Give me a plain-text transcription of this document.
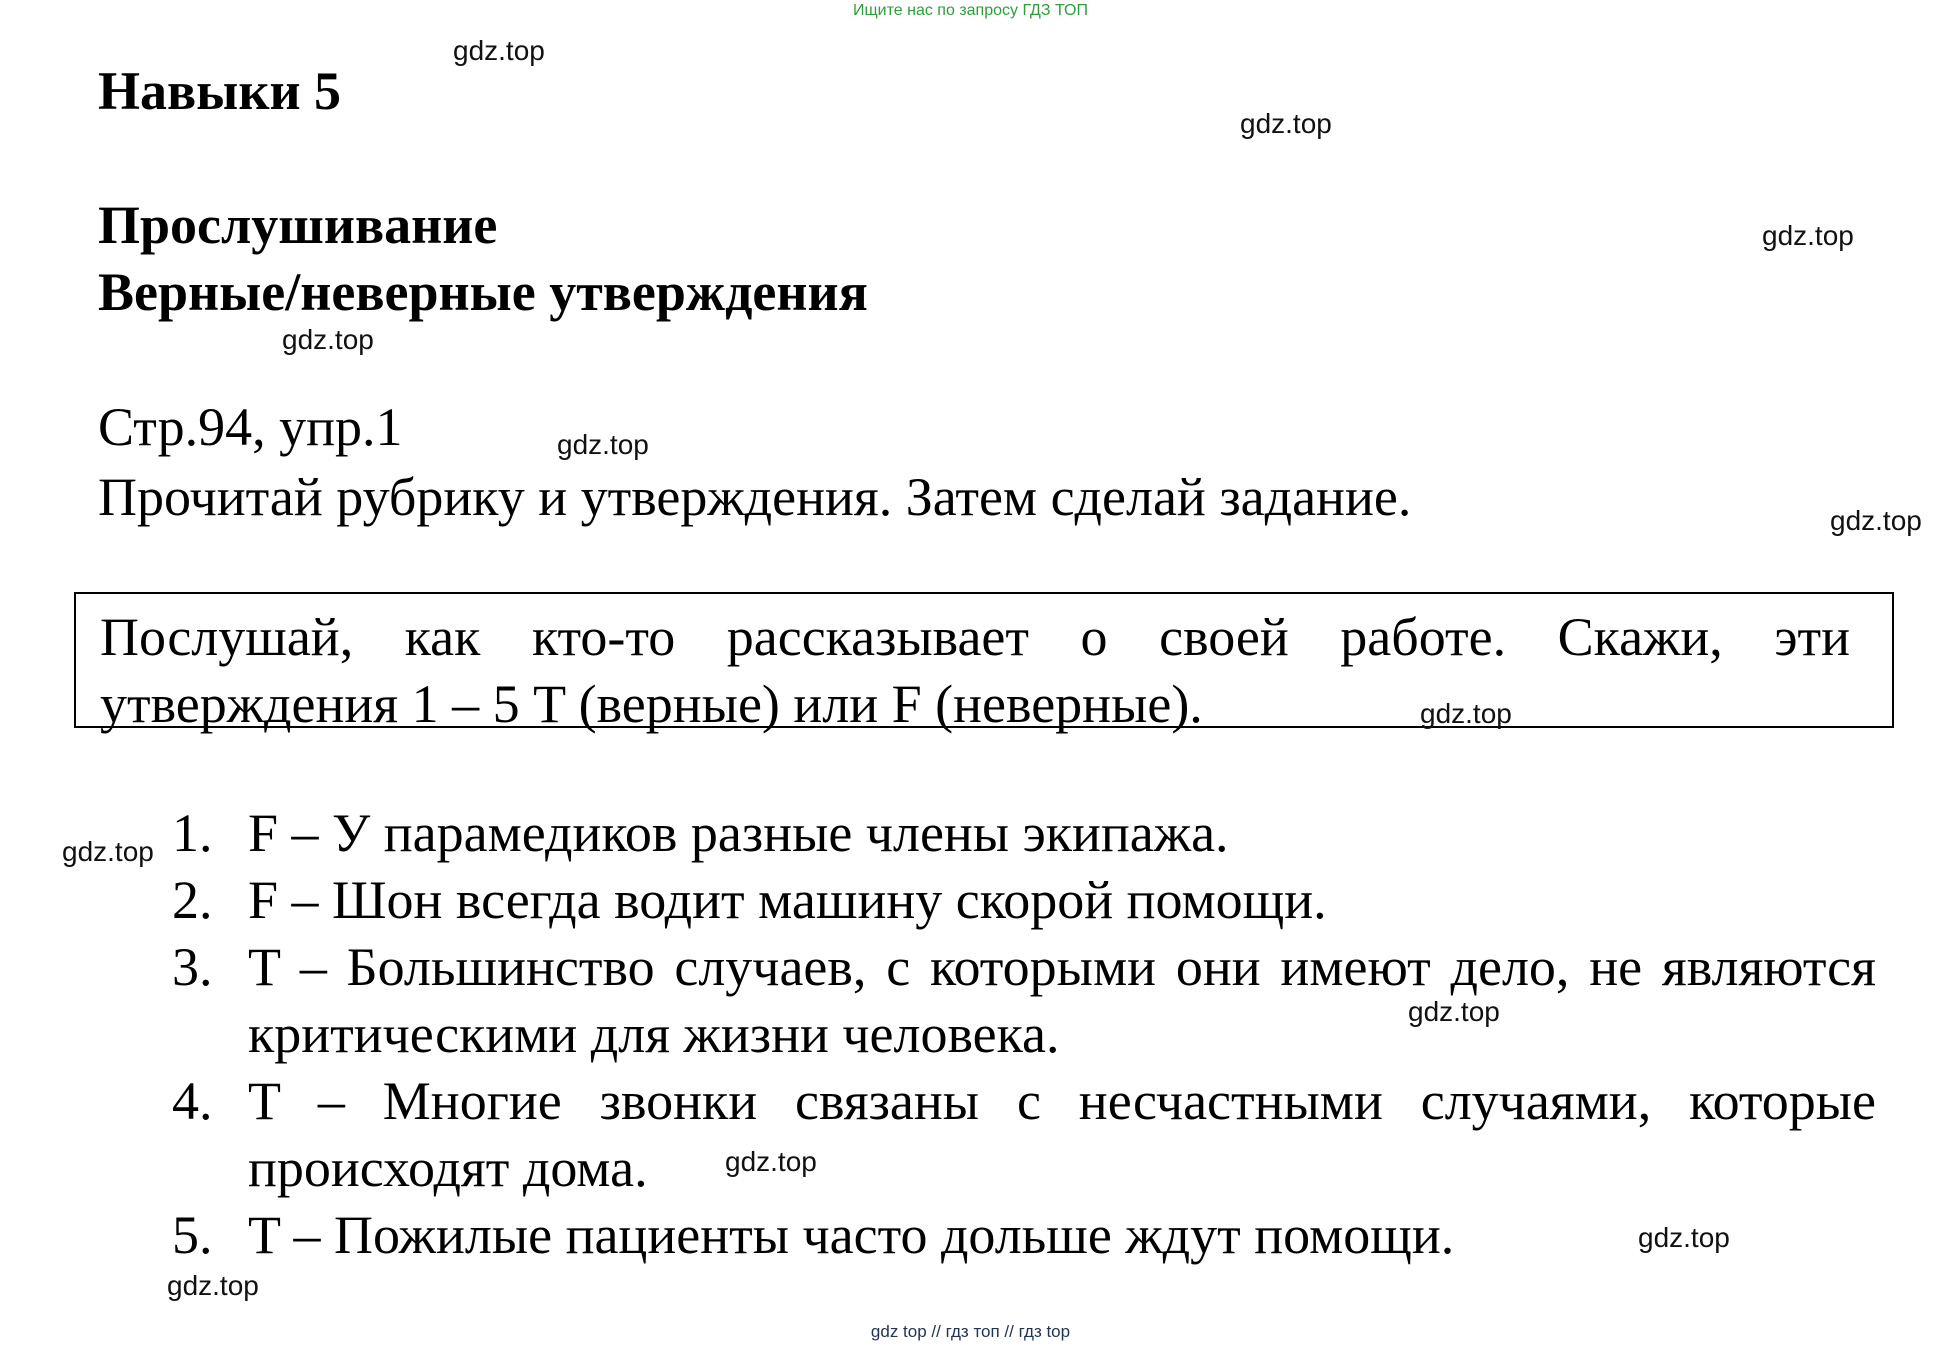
Ищите нас по запросу ГДЗ ТОП
Навыки 5
Прослушивание
Верные/неверные утверждения
Стр.94, упр.1
Прочитай рубрику и утверждения. Затем сделай задание.
Послушай, как кто-то рассказывает о своей работе. Скажи, эти утверждения 1 – 5 T (верные) или F (неверные).
1. F – У парамедиков разные члены экипажа.
2. F – Шон всегда водит машину скорой помощи.
3. T – Большинство случаев, с которыми они имеют дело, не являются критическими для жизни человека.
4. T – Многие звонки связаны с несчастными случаями, которые происходят дома.
5. T – Пожилые пациенты часто дольше ждут помощи.
gdz.top
gdz.top
gdz.top
gdz.top
gdz.top
gdz.top
gdz.top
gdz.top
gdz.top
gdz.top
gdz.top
gdz.top
gdz top // гдз топ // гдз top
